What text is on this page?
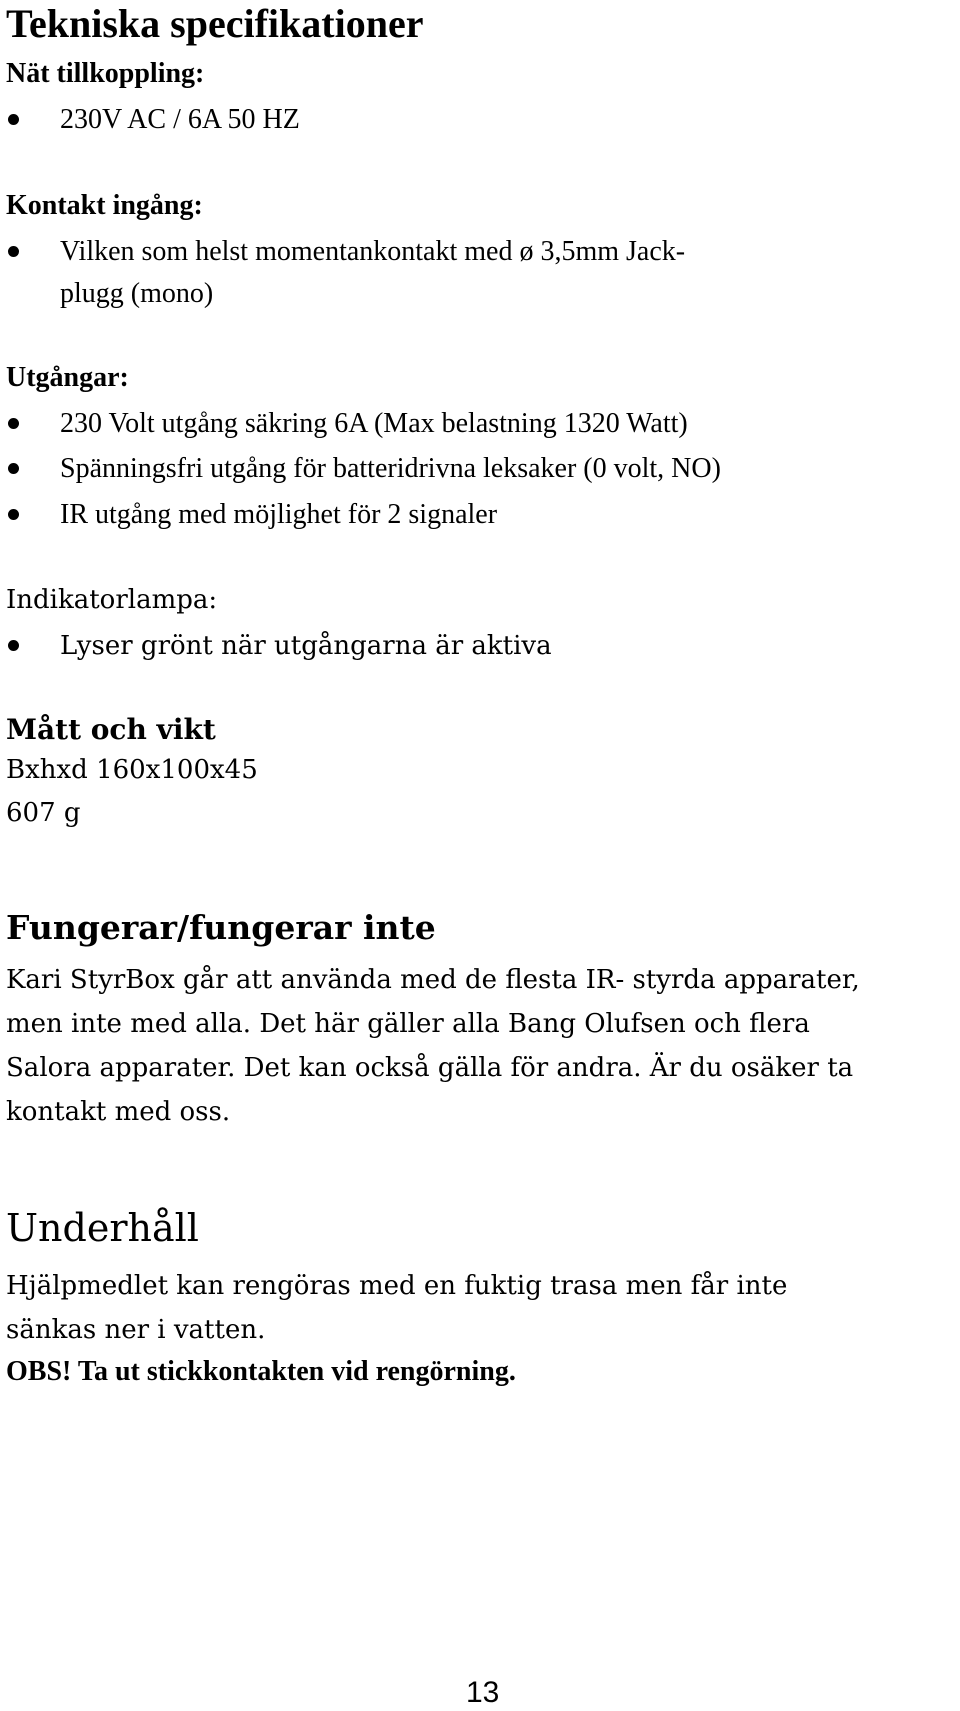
Tekniska specifikationer
Nät tillkoppling:
230V AC / 6A 50 HZ
Kontakt ingång:
Vilken som helst momentankontakt med ø 3,5mm Jack-
plugg (mono)
Utgångar:
230 Volt utgång säkring 6A (Max belastning 1320 Watt)
Spänningsfri utgång för batteridrivna leksaker (0 volt, NO)
IR utgång med möjlighet för 2 signaler
Indikatorlampa:
Lyser grönt när utgångarna är aktiva
Mått och vikt
Bxhxd 160x100x45
607 g
Fungerar/fungerar inte
Kari StyrBox går att använda med de flesta IR- styrda apparater,
men inte med alla. Det här gäller alla Bang Olufsen och flera
Salora apparater. Det kan också gälla för andra. Är du osäker ta
kontakt med oss.
Underhåll
Hjälpmedlet kan rengöras med en fuktig trasa men får inte
sänkas ner i vatten.
OBS! Ta ut stickkontakten vid rengörning.
13
